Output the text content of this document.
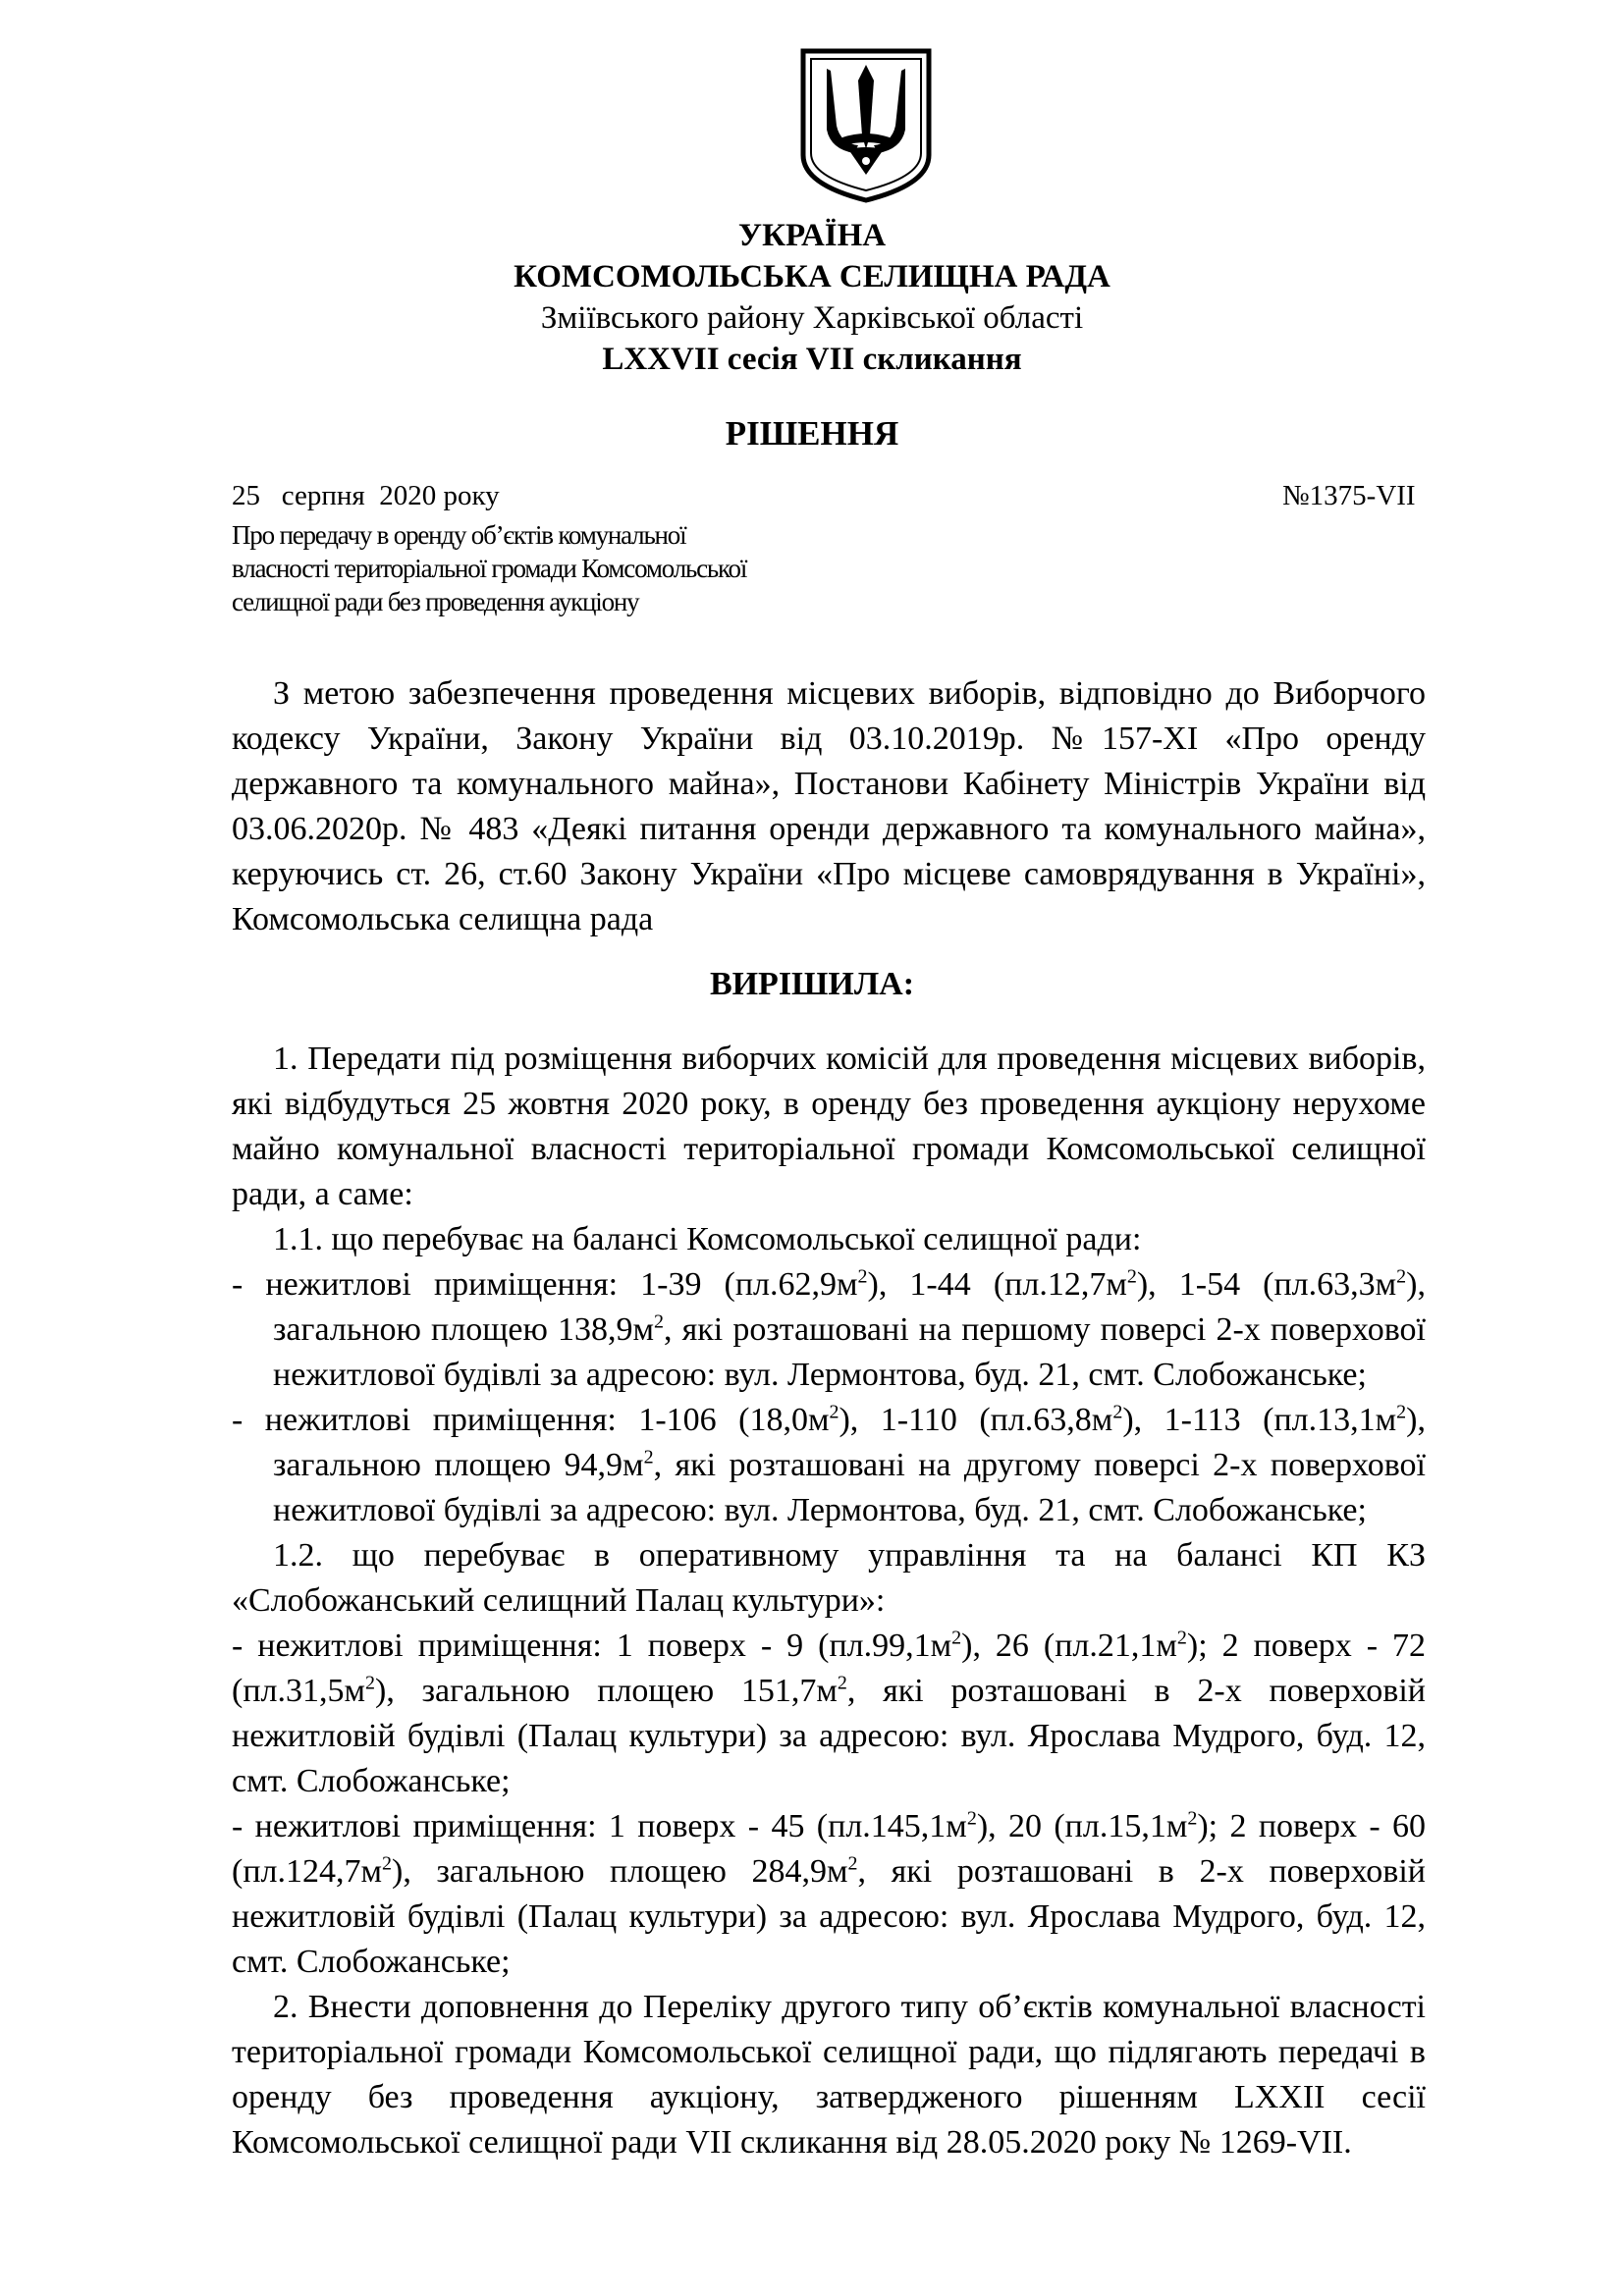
УКРАЇНА
КОМСОМОЛЬСЬКА СЕЛИЩНА РАДА
Зміївського району Харківської області
LXXVII сесія VII скликання
РІШЕННЯ
25   серпня  2020 року	№1375-VII
Про передачу в оренду об’єктів комунальної
власності територіальної громади Комсомольської
селищної ради без проведення аукціону
З метою забезпечення проведення місцевих виборів, відповідно до Виборчого
кодексу України, Закону України від 03.10.2019р. №157-ХІ «Про оренду
державного та комунального майна», Постанови Кабінету Міністрів України від
03.06.2020р. № 483 «Деякі питання оренди державного та комунального майна»,
керуючись ст. 26, ст.60 Закону України «Про місцеве самоврядування в Україні»,
Комсомольська селищна рада
ВИРІШИЛА:
1. Передати під розміщення виборчих комісій для проведення місцевих виборів,
які відбудуться 25 жовтня 2020 року, в оренду без проведення аукціону нерухоме
майно комунальної власності територіальної громади Комсомольської селищної
ради, а саме:
1.1. що перебуває на балансі Комсомольської селищної ради:
- нежитлові приміщення: 1-39 $(пл.62,9м^2)$, 1-44 $(пл.12,7м^2)$, 1-54 $(пл.63,3м^2)$,
загальною площею $138,9м^2$, які розташовані на першому поверсі 2-х поверхової
нежитлової будівлі за адресою: вул. Лермонтова, буд. 21, смт. Слобожанське;
- нежитлові приміщення: 1-106 $(18,0м^2)$, 1-110 $(пл.63,8м^2)$, 1-113 $(пл.13,1м^2)$,
загальною площею $94,9м^2$, які розташовані на другому поверсі 2-х поверхової
нежитлової будівлі за адресою: вул. Лермонтова, буд. 21, смт. Слобожанське;
1.2. що перебуває в оперативному управління та на балансі КП КЗ
«Слобожанський селищний Палац культури»:
- нежитлові приміщення: 1 поверх - 9 $(пл.99,1м^2)$, 26 $(пл.21,1м^2)$; 2 поверх - 72
$(пл.31,5м^2)$, загальною площею $151,7м^2$, які розташовані в 2-х поверховій
нежитловій будівлі (Палац культури) за адресою: вул. Ярослава Мудрого, буд. 12,
смт. Слобожанське;
- нежитлові приміщення: 1 поверх - 45 $(пл.145,1м^2)$, 20 $(пл.15,1м^2)$; 2 поверх - 60
$(пл.124,7м^2)$, загальною площею $284,9м^2$, які розташовані в 2-х поверховій
нежитловій будівлі (Палац культури) за адресою: вул. Ярослава Мудрого, буд. 12,
смт. Слобожанське;
2. Внести доповнення до Переліку другого типу об’єктів комунальної власності
територіальної громади Комсомольської селищної ради, що підлягають передачі в
оренду без проведення аукціону, затвердженого рішенням LXXII сесії
Комсомольської селищної ради VII скликання від 28.05.2020 року № 1269-VII.
